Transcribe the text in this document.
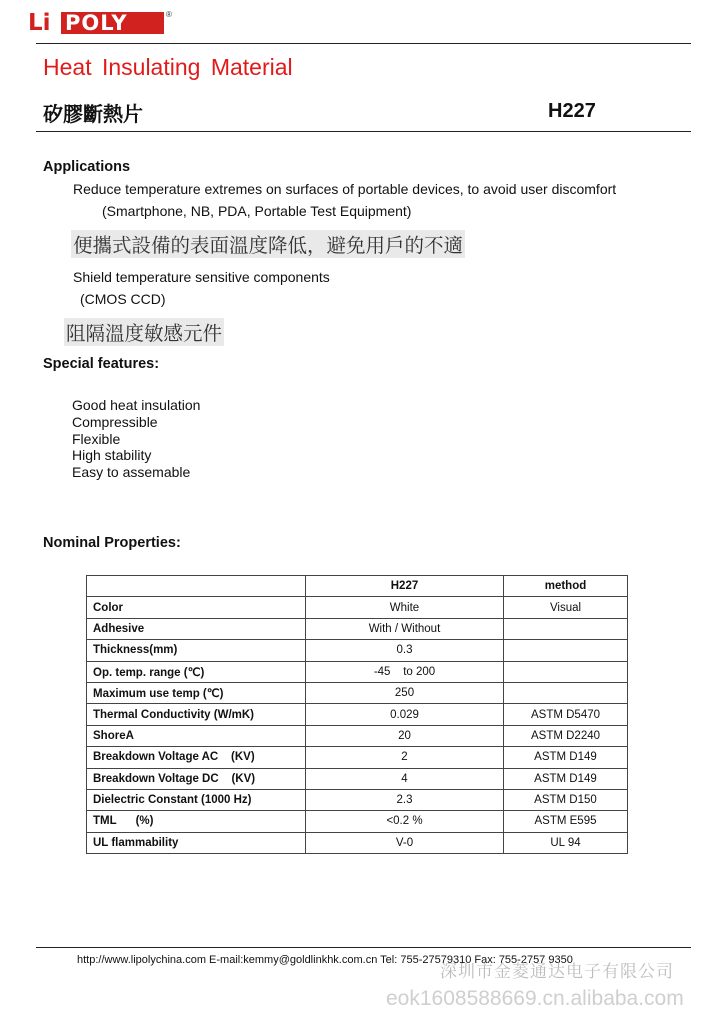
Li POLY	®
Heat Insulating Material
矽膠斷熱片	H227
Applications
Reduce temperature extremes on surfaces of portable devices, to avoid user discomfort
(Smartphone, NB, PDA, Portable Test Equipment)
便攜式設備的表面溫度降低，避免用戶的不適
Shield temperature sensitive components
(CMOS CCD)
阻隔溫度敏感元件
Special features:
Good heat insulation
Compressible
Flexible
High stability
Easy to assemable
Nominal Properties:
	H227	method
Color	White	Visual
Adhesive	With / Without	
Thickness(mm)	0.3	
Op. temp. range (℃)	-45    to 200	
Maximum use temp (℃)	250	
Thermal Conductivity (W/mK)	0.029	ASTM D5470
ShoreA	20	ASTM D2240
Breakdown Voltage AC    (KV)	2	ASTM D149
Breakdown Voltage DC    (KV)	4	ASTM D149
Dielectric Constant (1000 Hz)	2.3	ASTM D150
TML      (%)	<0.2 %	ASTM E595
UL flammability	V-0	UL 94
http://www.lipolychina.com E-mail:kemmy@goldlinkhk.com.cn Tel: 755-27579310 Fax: 755-2757 9350
深圳市金菱通达电子有限公司
eok1608588669.cn.alibaba.com
